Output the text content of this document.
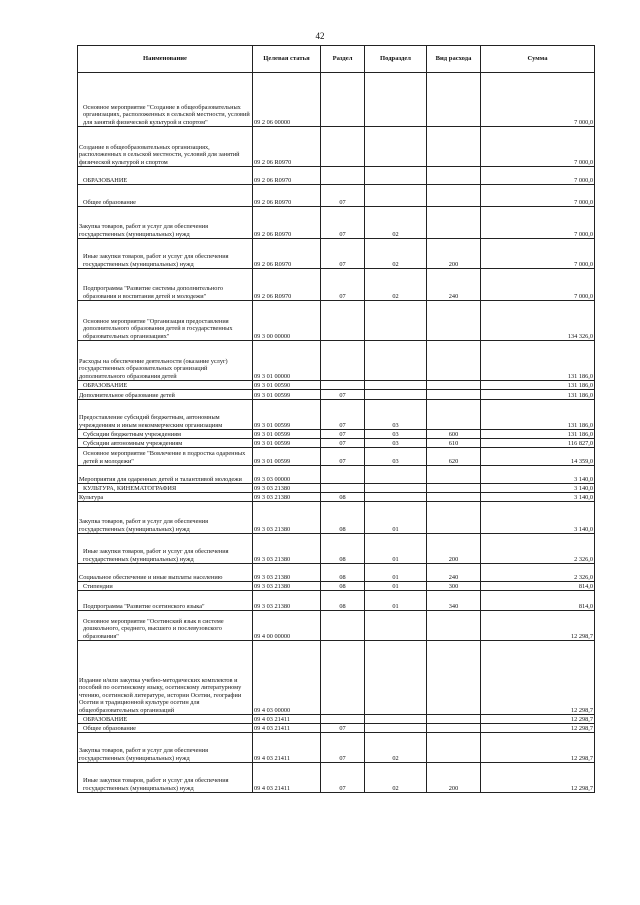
42
Наименование	Целевая статья	Раздел	Подраздел	Вид расхода	Сумма
Основное мероприятие "Создание в общеобразовательных организациях, расположенных в сельской местности, условий для занятий физической культурой и спортом"	09 2 06 00000				7 000,0
Создание в общеобразовательных организациях, расположенных в сельской местности, условий для занятий физической культурой и спортом	09 2 06 R0970				7 000,0
ОБРАЗОВАНИЕ	09 2 06 R0970				7 000,0
Общее образование	09 2 06 R0970	07			7 000,0
Закупка товаров, работ и услуг для обеспечения государственных (муниципальных) нужд	09 2 06 R0970	07	02		7 000,0
Иные закупки товаров, работ и услуг для обеспечения государственных (муниципальных) нужд	09 2 06 R0970	07	02	200	7 000,0
Подпрограмма "Развитие системы дополнительного образования и воспитания детей и молодежи"	09 2 06 R0970	07	02	240	7 000,0
Основное мероприятие "Организация предоставления дополнительного образования детей в государственных образовательных организациях"	09 3 00 00000				134 326,0
Расходы на обеспечение деятельности (оказание услуг) государственных образовательных организаций дополнительного образования детей	09 3 01 00000				131 186,0
ОБРАЗОВАНИЕ	09 3 01 00590				131 186,0
Дополнительное образование детей	09 3 01 00599	07			131 186,0
Предоставление субсидий бюджетным, автономным учреждениям и иным некоммерческим организациям	09 3 01 00599	07	03		131 186,0
Субсидии бюджетным учреждениям	09 3 01 00599	07	03	600	131 186,0
Субсидии автономным учреждениям	09 3 01 00599	07	03	610	116 827,0
Основное мероприятие "Вовлечение в подростка одаренных детей и молодежи"	09 3 01 00599	07	03	620	14 359,0
Мероприятия для одаренных детей и талантливой молодежи	09 3 03 00000				3 140,0
КУЛЬТУРА, КИНЕМАТОГРАФИЯ	09 3 03 21380				3 140,0
Культура	09 3 03 21380	08			3 140,0
Закупка товаров, работ и услуг для обеспечения государственных (муниципальных) нужд	09 3 03 21380	08	01		3 140,0
Иные закупки товаров, работ и услуг для обеспечения государственных (муниципальных) нужд	09 3 03 21380	08	01	200	2 326,0
Социальное обеспечение и иные выплаты населению	09 3 03 21380	08	01	240	2 326,0
Стипендии	09 3 03 21380	08	01	300	814,0
Подпрограмма "Развитие осетинского языка"	09 3 03 21380	08	01	340	814,0
Основное мероприятие "Осетинский язык в системе дошкольного, среднего, высшего и послевузовского образования"	09 4 00 00000				12 298,7
Издание и/или закупка учебно-методических комплектов и пособий по осетинскому языку, осетинскому литературному чтению, осетинской литературе, истории Осетии, географии Осетии и традиционной культуре осетин для общеобразовательных организаций	09 4 03 00000				12 298,7
ОБРАЗОВАНИЕ	09 4 03 21411				12 298,7
Общее образование	09 4 03 21411	07			12 298,7
Закупка товаров, работ и услуг для обеспечения государственных (муниципальных) нужд	09 4 03 21411	07	02		12 298,7
Иные закупки товаров, работ и услуг для обеспечения государственных (муниципальных) нужд	09 4 03 21411	07	02	200	12 298,7
